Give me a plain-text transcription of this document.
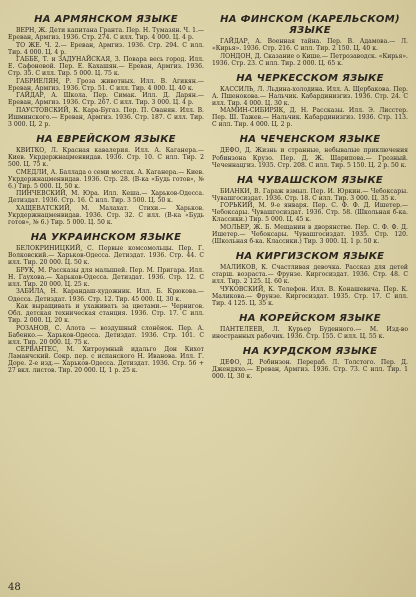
НА АРМЯНСКОМ ЯЗЫКЕ
ВЕРН, Ж. Дети капитана Гранта. Пер. Н. Тумазян. Ч. 1.— Ереван, Армгиз. 1936. Стр. 274. С илл. Тир. 4 000. Ц. 4 р.
ТО ЖЕ. Ч. 2.— Ереван, Армгиз. 1936. Стр. 294. С илл. Тир. 4 000. Ц. 4 р.
ГАББЕ, Т. и ЗАДУНАЙСКАЯ, З. Повара весь город. Илл. Е. Сафоновой. Пер. Е. Кахашян.— Ереван, Армгиз. 1936. Стр. 35. С илл. Тир. 5 000. Ц. 75 к.
ГАБРИЕЛЯН, Р. Гроза животных. Илл. В. Агикян.— Ереван, Армгиз. 1936. Стр. 51. С илл. Тир. 4 000. Ц. 40 к.
ГАЙДАР, А. Школа. Пер. Симак. Илл. Д. Дарян.— Ереван, Армгиз. 1936. Стр. 267. С илл. Тир. 3 000. Ц. 4 р.
ПАУСТОВСКИЙ, К. Кара-Бугаз. Пер. П. Ованян. Илл. В. Ишминского.— Ереван, Армгиз. 1936. Стр. 187. С илл. Тир. 3 000. Ц. 2 р.
НА ЕВРЕЙСКОМ ЯЗЫКЕ
КВИТКО, Л. Красная кавалерия. Илл. А. Каганера.— Киев. Укрдержнацменвидав. 1936. Стр. 10. С илл. Тир. 2 500. Ц. 75 к.
СМЕДЛИ, А. Баллада о семи мостах. А. Каганера.— Киев. Укрдержнацменвидав. 1936. Стр. 28. (В-ка «Будь готов», № 6.) Тир. 5 000. Ц. 50 к.
ПИНЧЕВСКИЙ, М. Юра. Илл. Кеша.— Харьков-Одесса. Детиздат. 1936. Стр. 16. С илл. Тир. 3 500. Ц. 50 к.
ХАЩЕВАТСКИЙ, М. Малахат. Стихи.— Харьков. Укрдержнацменвидав. 1936. Стр. 32. С илл. (В-ка «Будь готов», № 6.) Тир. 5 000. Ц. 50 к.
НА УКРАИНСКОМ ЯЗЫКЕ
БЕЛОКРИНИЦКИЙ, С. Первые комсомольцы. Пер. Г. Волковский.— Харьков-Одесса. Детиздат. 1936. Стр. 44. С илл. Тир. 20 000. Ц. 50 к.
БРУК, М. Рассказы для малышей. Пер. М. Пригара. Илл. Н. Гаухова.— Харьков-Одесса. Детиздат. 1936. Стр. 12. С илл. Тир. 20 000. Ц. 25 к.
ЗАБИЛА, Н. Карандаш-художник. Илл. Б. Крюкова.— Одесса. Детиздат. 1936. Стр. 12. Тир. 45 000. Ц. 30 к.
Как выращивать и ухаживать за цветами.— Чернигов. Обл. детская техническая станция. 1936. Стр. 17. С илл. Тир. 2 000. Ц. 20 к.
РОЗАНОВ, С. Алота — воздушный слонёнок. Пер. А. Бабенко.— Харьков-Одесса. Детиздат. 1936. Стр. 101. С илл. Тир. 20 000. Ц. 75 к.
СЕРВАНТЕС, М. Хитроумный идальго Дон Кихот Ламанчский. Сокр. пер. с испанского Н. Иванова. Илл. Г. Доре. 2-е изд.— Харьков-Одесса. Детиздат. 1936. Стр. 56 + 27 вкл. листов. Тир. 20 000. Ц. 1 р. 25 к.
НА ФИНСКОМ (КАРЕЛЬСКОМ) ЯЗЫКЕ
ГАЙДАР, А. Военная тайна. Пер. В. Адамова.— Л. «Кирья». 1936. Стр. 216. С илл. Тир. 2 150. Ц. 40 к.
ЛОНДОН, Д. Сказание о Кише.— Петрозаводск. «Кирья». 1936. Стр. 23. С илл. Тир. 2 000. Ц. 65 к.
НА ЧЕРКЕССКОМ ЯЗЫКЕ
КАССИЛЬ, Л. Льдина-холодина. Илл. А. Щербакова. Пер. А. Пшенокова.— Нальчик. Кабардинизгиз. 1936. Стр. 24. С илл. Тир. 4 000. Ц. 30 к.
МАМИН-СИБИРЯК, Д. Н. Рассказы. Илл. Э. Лисстер. Пер. Ш. Тажев.— Нальчик. Кабардинизгиз. 1936. Стр. 113. С илл. Тир. 4 000. Ц. 2 р.
НА ЧЕЧЕНСКОМ ЯЗЫКЕ
ДЕФО, Д. Жизнь и странные, небывалые приключения Робинзона Крузо. Пер. Д. Ж. Шарипова.— Грозный. Чеченнацгиз. 1935. Стр. 208. С илл. Тир. 5 150. Ц. 2 р. 50 к.
НА ЧУВАШСКОМ ЯЗЫКЕ
БИАНКИ, В. Гараж взмыл. Пер. И. Юркин.— Чебоксары. Чувашгосиздат. 1936. Стр. 18. С илл. Тир. 3 000. Ц. 35 к.
ГОРЬКИЙ, М. 9-е января. Пер. С. Ф. Ф. Д. Ишетер.— Чебоксары. Чувашгосиздат. 1936. Стр. 58. (Школьная б-ка. Классики.) Тир. 5 000. Ц. 45 к.
МОЛЬЕР, Ж. Б. Мещанин в дворянстве. Пер. С. Ф. Ф. Д. Ишетер.— Чебоксары. Чувашгосиздат. 1935. Стр. 120. (Школьная б-ка. Классики.) Тир. 3 000. Ц. 1 р. 50 к.
НА КИРГИЗСКОМ ЯЗЫКЕ
МАЛИКОВ, К. Счастливая девочка. Рассказ для детей старш. возраста.— Фрунзе. Киргосиздат. 1936. Стр. 48. С илл. Тир. 2 125. Ц. 60 к.
ЧУКОВСКИЙ, К. Телефон. Илл. В. Конашевича. Пер. К. Маликова.— Фрунзе. Киргосиздат. 1935. Стр. 17. С илл. Тир. 4 125. Ц. 35 к.
НА КОРЕЙСКОМ ЯЗЫКЕ
ПАНТЕЛЕЕВ, Л. Курьер Буденного.— М. Изд-во иностранных рабочих. 1936. Стр. 155. С илл. Ц. 55 к.
НА КУРДСКОМ ЯЗЫКЕ
ДЕФО, Д. Робинзон. Перераб. Л. Толстого. Пер. Д. Джендяхо.— Ереван, Армгиз. 1936. Стр. 73. С илл. Тир. 1 000. Ц. 30 к.
48
